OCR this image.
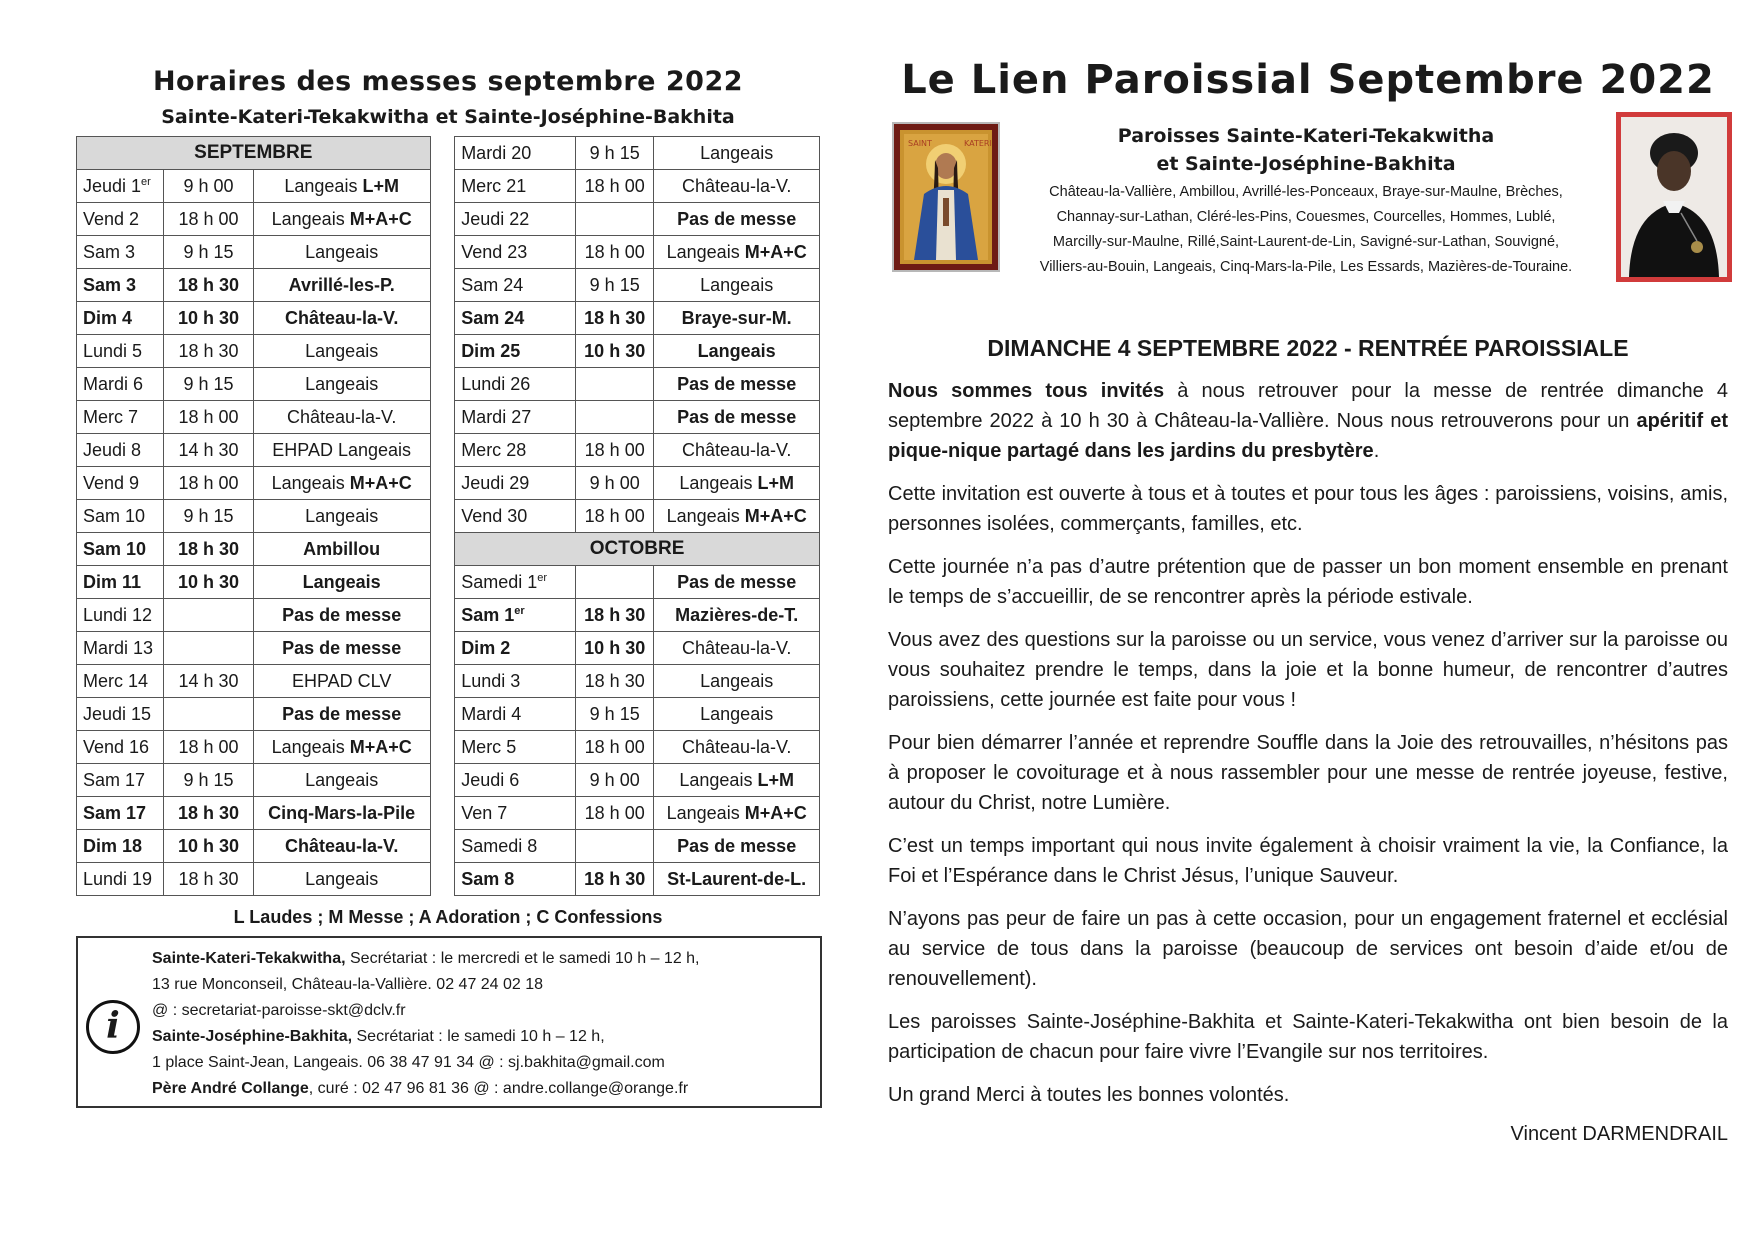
Horaires des messes septembre 2022
Sainte-Kateri-Tekakwitha et Sainte-Joséphine-Bakhita
SEPTEMBRE				Mardi 20	9 h 15	Langeais
Jeudi 1er	9 h 00	Langeais L+M		Merc 21	18 h 00	Château-la-V.
Vend 2	18 h 00	Langeais M+A+C		Jeudi 22		Pas de messe
Sam 3	9 h 15	Langeais		Vend 23	18 h 00	Langeais M+A+C
Sam 3	18 h 30	Avrillé-les-P.		Sam 24	9 h 15	Langeais
Dim 4	10 h 30	Château-la-V.		Sam 24	18 h 30	Braye-sur-M.
Lundi 5	18 h 30	Langeais		Dim 25	10 h 30	Langeais
Mardi 6	9 h 15	Langeais		Lundi 26		Pas de messe
Merc 7	18 h 00	Château-la-V.		Mardi 27		Pas de messe
Jeudi 8	14 h 30	EHPAD Langeais		Merc 28	18 h 00	Château-la-V.
Vend 9	18 h 00	Langeais M+A+C		Jeudi 29	9 h 00	Langeais L+M
Sam 10	9 h 15	Langeais		Vend 30	18 h 00	Langeais M+A+C
Sam 10	18 h 30	Ambillou		OCTOBRE		
Dim 11	10 h 30	Langeais		Samedi 1er		Pas de messe
Lundi 12		Pas de messe		Sam 1er	18 h 30	Mazières-de-T.
Mardi 13		Pas de messe		Dim 2	10 h 30	Château-la-V.
Merc 14	14 h 30	EHPAD CLV		Lundi 3	18 h 30	Langeais
Jeudi 15		Pas de messe		Mardi 4	9 h 15	Langeais
Vend 16	18 h 00	Langeais M+A+C		Merc 5	18 h 00	Château-la-V.
Sam 17	9 h 15	Langeais		Jeudi 6	9 h 00	Langeais L+M
Sam 17	18 h 30	Cinq-Mars-la-Pile		Ven 7	18 h 00	Langeais M+A+C
Dim 18	10 h 30	Château-la-V.		Samedi 8		Pas de messe
Lundi 19	18 h 30	Langeais		Sam 8	18 h 30	St-Laurent-de-L.
L Laudes ; M Messe ; A Adoration ; C Confessions
i
Sainte-Kateri-Tekakwitha, Secrétariat : le mercredi et le samedi 10 h – 12 h,
13 rue Monconseil, Château-la-Vallière. 02 47 24 02 18
@ : secretariat-paroisse-skt@dclv.fr
Sainte-Joséphine-Bakhita, Secrétariat : le samedi 10 h – 12 h,
1 place Saint-Jean, Langeais. 06 38 47 91 34 @ : sj.bakhita@gmail.com
Père André Collange, curé : 02 47 96 81 36 @ : andre.collange@orange.fr
Le Lien Paroissial Septembre 2022
SAINT	KATERI	Paroisses Sainte-Kateri-Tekakwitha
et Sainte-Joséphine-Bakhita
Château-la-Vallière, Ambillou, Avrillé-les-Ponceaux, Braye-sur-Maulne, Brèches,
Channay-sur-Lathan, Cléré-les-Pins, Couesmes, Courcelles, Hommes, Lublé,
Marcilly-sur-Maulne, Rillé,Saint-Laurent-de-Lin, Savigné-sur-Lathan, Souvigné,
Villiers-au-Bouin, Langeais, Cinq-Mars-la-Pile, Les Essards, Mazières-de-Touraine.
DIMANCHE 4 SEPTEMBRE 2022 - RENTRÉE PAROISSIALE

Nous sommes tous invités à nous retrouver pour la messe de rentrée dimanche 4 septembre 2022 à 10 h 30 à Château-la-Vallière. Nous nous retrouverons pour un apéritif et pique-nique partagé dans les jardins du presbytère.

Cette invitation est ouverte à tous et à toutes et pour tous les âges : paroissiens, voisins, amis, personnes isolées, commerçants, familles, etc.

Cette journée n’a pas d’autre prétention que de passer un bon moment ensemble en prenant le temps de s’accueillir, de se rencontrer après la période estivale.

Vous avez des questions sur la paroisse ou un service, vous venez d’arriver sur la paroisse ou vous souhaitez prendre le temps, dans la joie et la bonne humeur, de rencontrer d’autres paroissiens, cette journée est faite pour vous !

Pour bien démarrer l’année et reprendre Souffle dans la Joie des retrouvailles, n’hésitons pas à proposer le covoiturage et à nous rassembler pour une messe de rentrée joyeuse, festive, autour du Christ, notre Lumière.

C’est un temps important qui nous invite également à choisir vraiment la vie, la Confiance, la Foi et l’Espérance dans le Christ Jésus, l’unique Sauveur.

N’ayons pas peur de faire un pas à cette occasion, pour un engagement fraternel et ecclésial au service de tous dans la paroisse (beaucoup de services ont besoin d’aide et/ou de renouvellement).

Les paroisses Sainte-Joséphine-Bakhita et Sainte-Kateri-Tekakwitha ont bien besoin de la participation de chacun pour faire vivre l’Evangile sur nos territoires.

Un grand Merci à toutes les bonnes volontés.

Vincent DARMENDRAIL
